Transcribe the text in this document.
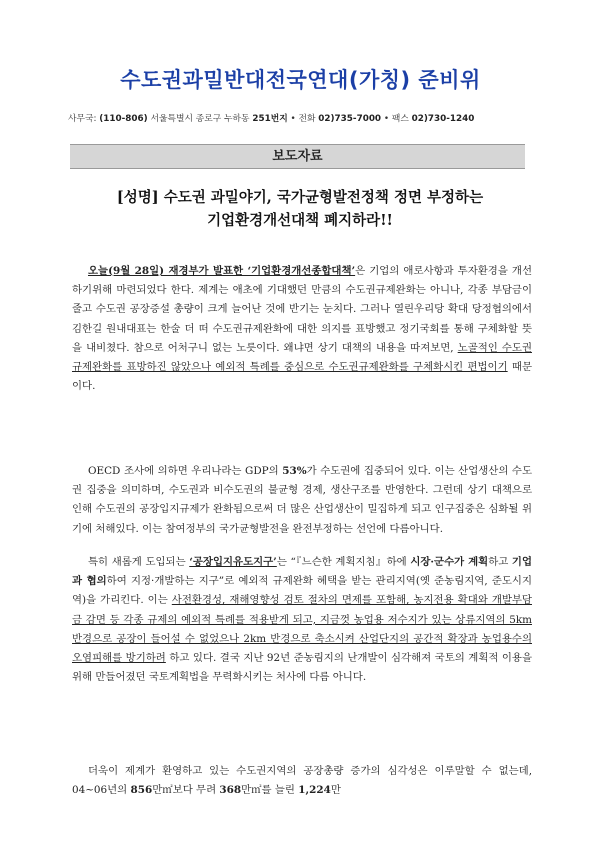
수도권과밀반대전국연대(가칭) 준비위
사무국: (110-806) 서울특별시 종로구 누하동 251번지 • 전화 02)735-7000 • 팩스 02)730-1240
보도자료
[성명] 수도권 과밀야기, 국가균형발전정책 정면 부정하는
기업환경개선대책 폐지하라!!
오늘(9월 28일) 재경부가 발표한 ‘기업환경개선종합대책’은 기업의 애로사항과 투자환경을 개선하기위해 마련되었다 한다. 제계는 애초에 기대했던 만큼의 수도권규제완화는 아니나, 각종 부담금이 줄고 수도권 공장증설 총량이 크게 늘어난 것에 반기는 눈치다. 그러나 열린우리당 확대 당정협의에서 김한길 원내대표는 한술 더 떠 수도권규제완화에 대한 의지를 표방했고 정기국회를 통해 구체화할 뜻을 내비쳤다. 참으로 어처구니 없는 노릇이다. 왜냐면 상기 대책의 내용을 따져보면, 노골적인 수도권규제완화를 표방하진 않았으나 예외적 특례를 중심으로 수도권규제완화를 구체화시킨 편법이기 때문이다.
OECD 조사에 의하면 우리나라는 GDP의 53%가 수도권에 집중되어 있다. 이는 산업생산의 수도권 집중을 의미하며, 수도권과 비수도권의 불균형 경제, 생산구조를 반영한다. 그런데 상기 대책으로 인해 수도권의 공장입지규제가 완화됨으로써 더 많은 산업생산이 밀집하게 되고 인구집중은 심화될 위기에 처해있다. 이는 참여정부의 국가균형발전을 완전부정하는 선언에 다름아니다.
특히 새롭게 도입되는 ‘공장입지유도지구’는 “『느슨한 계획지침』하에 시장·군수가 계획하고 기업과 협의하여 지정·개발하는 지구”로 예외적 규제완화 혜택을 받는 관리지역(옛 준농림지역, 준도시지역)을 가리킨다. 이는 사전환경성, 재해영향성 검토 절차의 면제를 포함해, 농지전용 확대와 개발부담금 감면 등 각종 규제의 예외적 특례를 적용받게 되고, 지금껏 농업용 저수지가 있는 상류지역의 5km 반경으로 공장이 들어설 수 없었으나 2km 반경으로 축소시켜 산업단지의 공간적 확장과 농업용수의 오염피해를 방기하려 하고 있다. 결국 지난 92년 준농림지의 난개발이 심각해져 국토의 계획적 이용을 위해 만들어졌던 국토계획법을 무력화시키는 처사에 다름 아니다.
더욱이 제계가 환영하고 있는 수도권지역의 공장총량 증가의 심각성은 이루말할 수 없는데, 04~06년의 856만㎡보다 무려 368만㎡를 늘린 1,224만
